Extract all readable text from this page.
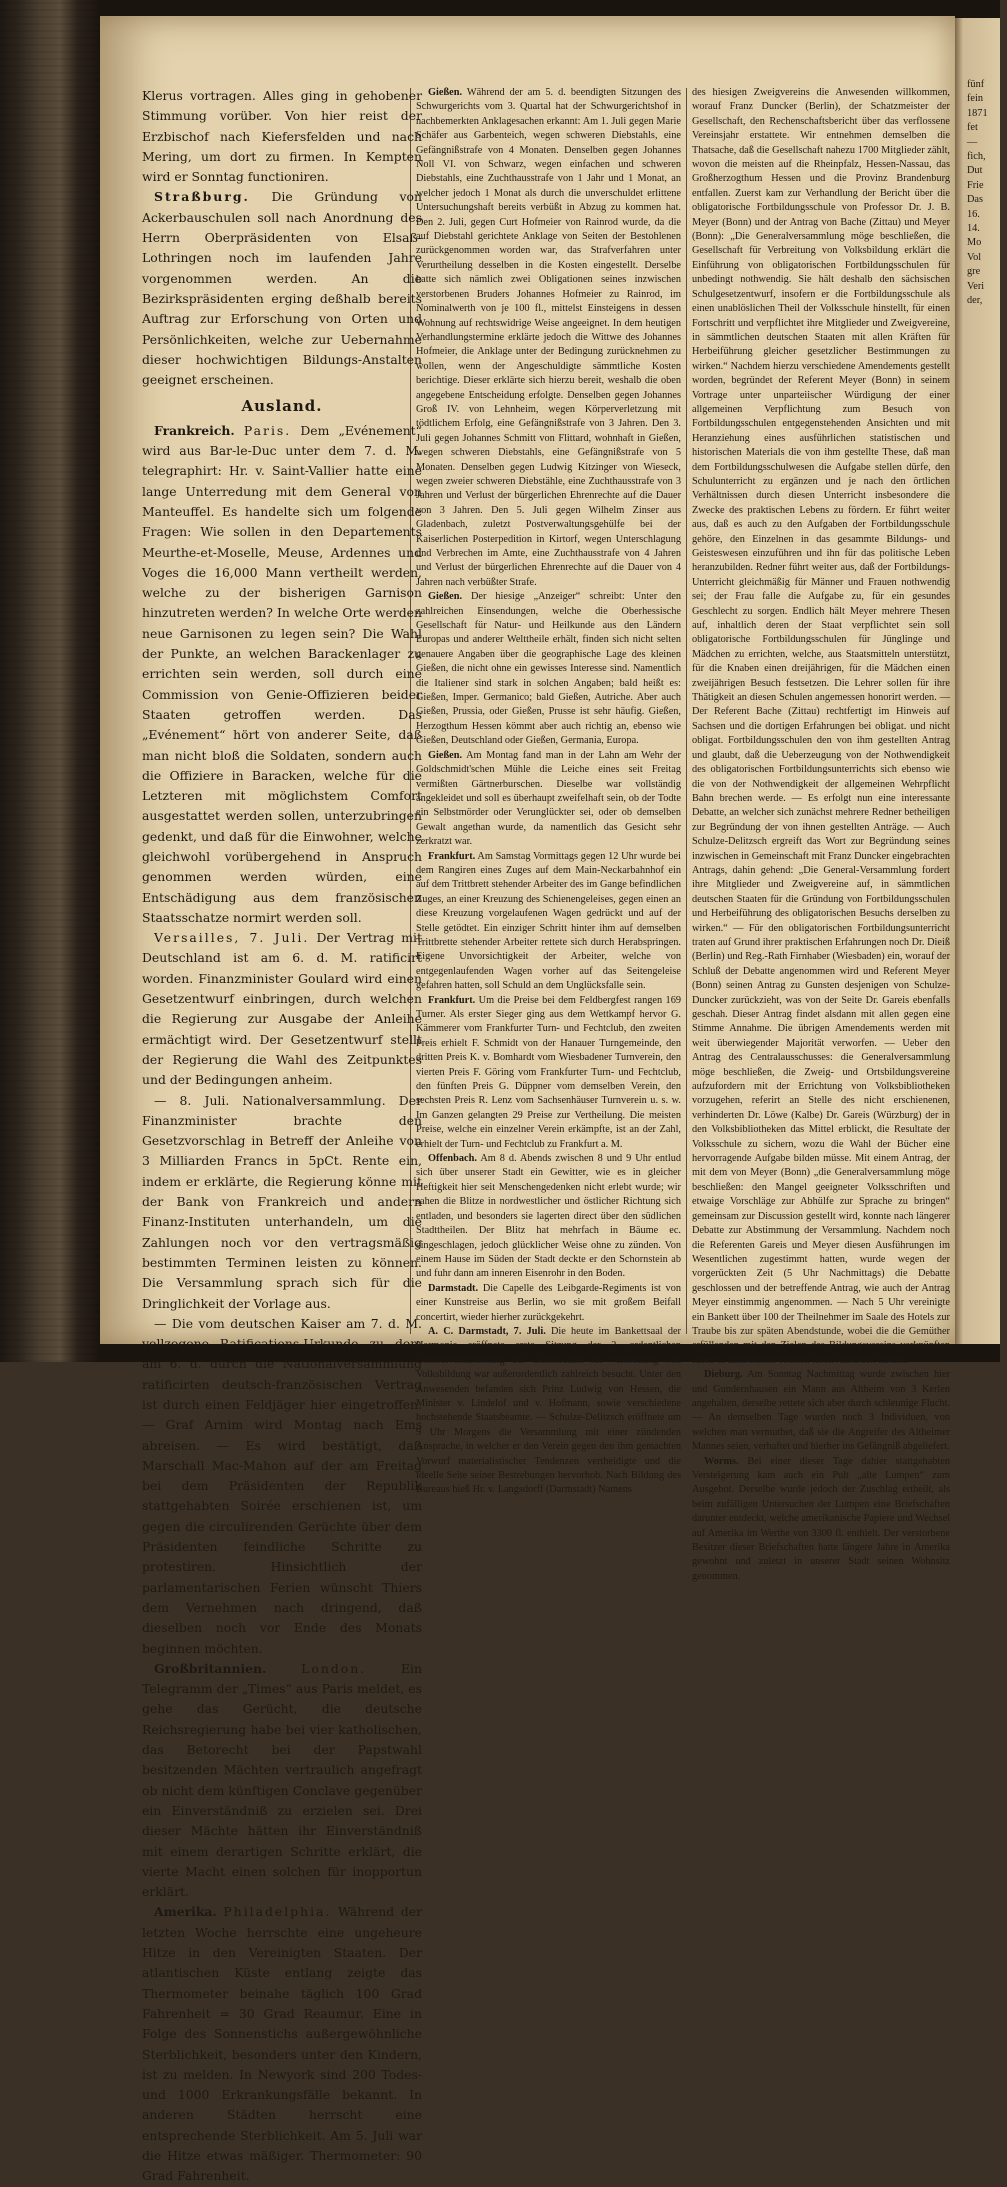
Klerus vortragen. Alles ging in gehobener Stimmung vorüber. Von hier reist der Erzbischof nach Kiefersfelden und nach Mering, um dort zu firmen. In Kempten wird er Sonntag functioniren.

Straßburg. Die Gründung von Ackerbauschulen soll nach Anordnung des Herrn Oberpräsidenten von Elsaß-Lothringen noch im laufenden Jahre vorgenommen werden. An die Bezirkspräsidenten erging deßhalb bereits Auftrag zur Erforschung von Orten und Persönlichkeiten, welche zur Uebernahme dieser hochwichtigen Bildungs-Anstalten geeignet erscheinen.

Ausland.

Frankreich. Paris. Dem „Evénement“ wird aus Bar-le-Duc unter dem 7. d. M. telegraphirt: Hr. v. Saint-Vallier hatte eine lange Unterredung mit dem General von Manteuffel. Es handelte sich um folgende Fragen: Wie sollen in den Departements Meurthe-et-Moselle, Meuse, Ardennes und Voges die 16,000 Mann vertheilt werden, welche zu der bisherigen Garnison hinzutreten werden? In welche Orte werden neue Garnisonen zu legen sein? Die Wahl der Punkte, an welchen Barackenlager zu errichten sein werden, soll durch eine Commission von Genie-Offizieren beider Staaten getroffen werden. Das „Evénement“ hört von anderer Seite, daß man nicht bloß die Soldaten, sondern auch die Offiziere in Baracken, welche für die Letzteren mit möglichstem Comfort ausgestattet werden sollen, unterzubringen gedenkt, und daß für die Einwohner, welche gleichwohl vorübergehend in Anspruch genommen werden würden, eine Entschädigung aus dem französischen Staatsschatze normirt werden soll.

Versailles, 7. Juli. Der Vertrag mit Deutschland ist am 6. d. M. ratificirt worden. Finanzminister Goulard wird einen Gesetzentwurf einbringen, durch welchen die Regierung zur Ausgabe der Anleihe ermächtigt wird. Der Gesetzentwurf stellt der Regierung die Wahl des Zeitpunktes und der Bedingungen anheim.

— 8. Juli. Nationalversammlung. Der Finanzminister brachte den Gesetzvorschlag in Betreff der Anleihe von 3 Milliarden Francs in 5pCt. Rente ein, indem er erklärte, die Regierung könne mit der Bank von Frankreich und andern Finanz-Instituten unterhandeln, um die Zahlungen noch vor den vertragsmäßig bestimmten Terminen leisten zu können. Die Versammlung sprach sich für die Dringlichkeit der Vorlage aus.

— Die vom deutschen Kaiser am 7. d. M. vollzogene Ratifications-Urkunde zu dem am 6. d. durch die Nationalversammlung ratificirten deutsch-französischen Vertrag ist durch einen Feldjäger hier eingetroffen. — Graf Arnim wird Montag nach Ems abreisen. — Es wird bestätigt, daß Marschall Mac-Mahon auf der am Freitag bei dem Präsidenten der Republik stattgehabten Soirée erschienen ist, um gegen die circulirenden Gerüchte über dem Präsidenten feindliche Schritte zu protestiren. Hinsichtlich der parlamentarischen Ferien wünscht Thiers dem Vernehmen nach dringend, daß dieselben noch vor Ende des Monats beginnen möchten.

Großbritannien.	London.	Ein Telegramm der „Times“ aus Paris meldet, es gehe das Gerücht, die deutsche Reichsregierung habe bei vier katholischen, das Betorecht bei der Papstwahl besitzenden Mächten vertraulich angefragt ob nicht dem künftigen Conclave gegenüber ein Einverständniß zu erzielen sei. Drei dieser Mächte hätten ihr Einverständniß mit einem derartigen Schritte erklärt, die vierte Macht einen solchen für inopportun erklärt.

Amerika. Philadelphia. Während der letzten Woche herrschte eine ungeheure Hitze in den Vereinigten Staaten. Der atlantischen Küste entlang zeigte das Thermometer beinahe täglich 100 Grad Fahrenheit = 30 Grad Reaumur. Eine in Folge des Sonnenstichs außergewöhnliche Sterblichkeit, besonders unter den Kindern, ist zu melden. In Newyork sind 200 Todes- und 1000 Erkrankungsfälle bekannt. In anderen Städten herrscht eine entsprechende Sterblichkeit. Am 5. Juli war die Hitze etwas mäßiger. Thermometer: 90 Grad Fahrenheit.

Gießen. Während der am 5. d. beendigten Sitzungen des Schwurgerichts vom 3. Quartal hat der Schwurgerichtshof in nachbemerkten Anklagesachen erkannt: Am 1. Juli gegen Marie Schäfer aus Garbenteich, wegen schweren Diebstahls, eine Gefängnißstrafe von 4 Monaten. Denselben gegen Johannes Noll VI. von Schwarz, wegen einfachen und schweren Diebstahls, eine Zuchthausstrafe von 1 Jahr und 1 Monat, an welcher jedoch 1 Monat als durch die unverschuldet erlittene Untersuchungshaft bereits verbüßt in Abzug zu kommen hat. Den 2. Juli, gegen Curt Hofmeier von Rainrod wurde, da die auf Diebstahl gerichtete Anklage von Seiten der Bestohlenen zurückgenommen worden war, das Strafverfahren unter Verurtheilung desselben in die Kosten eingestellt. Derselbe hatte sich nämlich zwei Obligationen seines inzwischen verstorbenen Bruders Johannes Hofmeier zu Rainrod, im Nominalwerth von je 100 fl., mittelst Einsteigens in dessen Wohnung auf rechtswidrige Weise angeeignet. In dem heutigen Verhandlungstermine erklärte jedoch die Wittwe des Johannes Hofmeier, die Anklage unter der Bedingung zurücknehmen zu wollen, wenn der Angeschuldigte sämmtliche Kosten berichtige. Dieser erklärte sich hierzu bereit, weshalb die oben angegebene Entscheidung erfolgte. Denselben gegen Johannes Groß IV. von Lehnheim, wegen Körperverletzung mit tödtlichem Erfolg, eine Gefängnißstrafe von 3 Jahren. Den 3. Juli gegen Johannes Schmitt von Flittard, wohnhaft in Gießen, wegen schweren Diebstahls, eine Gefängnißstrafe von 5 Monaten. Denselben gegen Ludwig Kitzinger von Wieseck, wegen zweier schweren Diebstähle, eine Zuchthausstrafe von 3 Jahren und Verlust der bürgerlichen Ehrenrechte auf die Dauer von 3 Jahren. Den 5. Juli gegen Wilhelm Zinser aus Gladenbach, zuletzt Postverwaltungsgehülfe bei der Kaiserlichen Posterpedition in Kirtorf, wegen Unterschlagung und Verbrechen im Amte, eine Zuchthausstrafe von 4 Jahren und Verlust der bürgerlichen Ehrenrechte auf die Dauer von 4 Jahren nach verbüßter Strafe.

Gießen. Der hiesige „Anzeiger“ schreibt: Unter den zahlreichen Einsendungen, welche die Oberhessische Gesellschaft für Natur- und Heilkunde aus den Ländern Europas und anderer Welttheile erhält, finden sich nicht selten genauere Angaben über die geographische Lage des kleinen Gießen, die nicht ohne ein gewisses Interesse sind. Namentlich die Italiener sind stark in solchen Angaben; bald heißt es: Gießen, Imper. Germanico; bald Gießen, Autriche. Aber auch Gießen, Prussia, oder Gießen, Prusse ist sehr häufig. Gießen, Herzogthum Hessen kömmt aber auch richtig an, ebenso wie Gießen, Deutschland oder Gießen, Germania, Europa.

Gießen. Am Montag fand man in der Lahn am Wehr der Goldschmidt'schen Mühle die Leiche eines seit Freitag vermißten Gärtnerburschen. Dieselbe war vollständig angekleidet und soll es überhaupt zweifelhaft sein, ob der Todte ein Selbstmörder oder Verunglückter sei, oder ob demselben Gewalt angethan wurde, da namentlich das Gesicht sehr zerkratzt war.

Frankfurt. Am Samstag Vormittags gegen 12 Uhr wurde bei dem Rangiren eines Zuges auf dem Main-Neckarbahnhof ein auf dem Trittbrett stehender Arbeiter des im Gange befindlichen Zuges, an einer Kreuzung des Schienengeleises, gegen einen an diese Kreuzung vorgelaufenen Wagen gedrückt und auf der Stelle getödtet. Ein einziger Schritt hinter ihm auf demselben Trittbrette stehender Arbeiter rettete sich durch Herabspringen. Eigene Unvorsichtigkeit der Arbeiter, welche von entgegenlaufenden Wagen vorher auf das Seitengeleise gefahren hatten, soll Schuld an dem Unglücksfalle sein.

Frankfurt. Um die Preise bei dem Feldbergfest rangen 169 Turner. Als erster Sieger ging aus dem Wettkampf hervor G. Kämmerer vom Frankfurter Turn- und Fechtclub, den zweiten Preis erhielt F. Schmidt von der Hanauer Turngemeinde, den dritten Preis K. v. Bomhardt vom Wiesbadener Turnverein, den vierten Preis F. Göring vom Frankfurter Turn- und Fechtclub, den fünften Preis G. Düppner vom demselben Verein, den sechsten Preis R. Lenz vom Sachsenhäuser Turnverein u. s. w. Im Ganzen gelangten 29 Preise zur Vertheilung. Die meisten Preise, welche ein einzelner Verein erkämpfte, ist an der Zahl, erhielt der Turn- und Fechtclub zu Frankfurt a. M.

Offenbach. Am 8 d. Abends zwischen 8 und 9 Uhr entlud sich über unserer Stadt ein Gewitter, wie es in gleicher Heftigkeit hier seit Menschengedenken nicht erlebt wurde; wir sahen die Blitze in nordwestlicher und östlicher Richtung sich entladen, und besonders sie lagerten direct über den südlichen Stadttheilen. Der Blitz hat mehrfach in Bäume ec. eingeschlagen, jedoch glücklicher Weise ohne zu zünden. Von einem Hause im Süden der Stadt deckte er den Schornstein ab und fuhr dann am inneren Eisenrohr in den Boden.

Darmstadt. Die Capelle des Leibgarde-Regiments ist von einer Kunstreise aus Berlin, wo sie mit großem Beifall concertirt, wieder hierher zurückgekehrt.

A. C. Darmstadt, 7. Juli. Die heute im Bankettsaal der Harmonie eröffnete erste Sitzung der 2. ordentlichen Generalversammlung der Gesellschaft für Verbreitung von Volksbildung war außerordentlich zahlreich besucht. Unter den Anwesenden befanden sich Prinz Ludwig von Hessen, die Minister v. Lindelof und v. Hofmann, sowie verschiedene hochstehende Staatsbeamte. — Schulze-Delitzsch eröffnete um 9 Uhr Morgens die Versammlung mit einer zündenden Ansprache, in welcher er den Verein gegen den ihm gemachten Vorwurf materialistischer Tendenzen vertheidigte und die ideelle Seite seiner Bestrebungen hervorhob. Nach Bildung des Bureaus hieß Hr. v. Langsdorff (Darmstadt) Namens

des hiesigen Zweigvereins die Anwesenden willkommen, worauf Franz Duncker (Berlin), der Schatzmeister der Gesellschaft, den Rechenschaftsbericht über das verflossene Vereinsjahr erstattete. Wir entnehmen demselben die Thatsache, daß die Gesellschaft nahezu 1700 Mitglieder zählt, wovon die meisten auf die Rheinpfalz, Hessen-Nassau, das Großherzogthum Hessen und die Provinz Brandenburg entfallen. Zuerst kam zur Verhandlung der Bericht über die obligatorische Fortbildungsschule von Professor Dr. J. B. Meyer (Bonn) und der Antrag von Bache (Zittau) und Meyer (Bonn): „Die Generalversammlung möge beschließen, die Gesellschaft für Verbreitung von Volksbildung erklärt die Einführung von obligatorischen Fortbildungsschulen für unbedingt nothwendig. Sie hält deshalb den sächsischen Schulgesetzentwurf, insofern er die Fortbildungsschule als einen unablöslichen Theil der Volksschule hinstellt, für einen Fortschritt und verpflichtet ihre Mitglieder und Zweigvereine, in sämmtlichen deutschen Staaten mit allen Kräften für Herbeiführung gleicher gesetzlicher Bestimmungen zu wirken.“ Nachdem hierzu verschiedene Amendements gestellt worden, begründet der Referent Meyer (Bonn) in seinem Vortrage unter unparteiischer Würdigung der einer allgemeinen Verpflichtung zum Besuch von Fortbildungsschulen entgegenstehenden Ansichten und mit Heranziehung eines ausführlichen statistischen und historischen Materials die von ihm gestellte These, daß man dem Fortbildungsschulwesen die Aufgabe stellen dürfe, den Schulunterricht zu ergänzen und je nach den örtlichen Verhältnissen durch diesen Unterricht insbesondere die Zwecke des praktischen Lebens zu fördern. Er führt weiter aus, daß es auch zu den Aufgaben der Fortbildungsschule gehöre, den Einzelnen in das gesammte Bildungs- und Geisteswesen einzuführen und ihn für das politische Leben heranzubilden. Redner führt weiter aus, daß der Fortbildungs-Unterricht gleichmäßig für Männer und Frauen nothwendig sei; der Frau falle die Aufgabe zu, für ein gesundes Geschlecht zu sorgen. Endlich hält Meyer mehrere Thesen auf, inhaltlich deren der Staat verpflichtet sein soll obligatorische Fortbildungsschulen für Jünglinge und Mädchen zu errichten, welche, aus Staatsmitteln unterstützt, für die Knaben einen dreijährigen, für die Mädchen einen zweijährigen Besuch festsetzen. Die Lehrer sollen für ihre Thätigkeit an diesen Schulen angemessen honorirt werden. — Der Referent Bache (Zittau) rechtfertigt im Hinweis auf Sachsen und die dortigen Erfahrungen bei obligat. und nicht obligat. Fortbildungsschulen den von ihm gestellten Antrag und glaubt, daß die Ueberzeugung von der Nothwendigkeit des obligatorischen Fortbildungsunterrichts sich ebenso wie die von der Nothwendigkeit der allgemeinen Wehrpflicht Bahn brechen werde. — Es erfolgt nun eine interessante Debatte, an welcher sich zunächst mehrere Redner betheiligen zur Begründung der von ihnen gestellten Anträge. — Auch Schulze-Delitzsch ergreift das Wort zur Begründung seines inzwischen in Gemeinschaft mit Franz Duncker eingebrachten Antrags, dahin gehend: „Die General-Versammlung fordert ihre Mitglieder und Zweigvereine auf, in sämmtlichen deutschen Staaten für die Gründung von Fortbildungsschulen und Herbeiführung des obligatorischen Besuchs derselben zu wirken.“ — Für den obligatorischen Fortbildungsunterricht traten auf Grund ihrer praktischen Erfahrungen noch Dr. Dieiß (Berlin) und Reg.-Rath Firnhaber (Wiesbaden) ein, worauf der Schluß der Debatte angenommen wird und Referent Meyer (Bonn) seinen Antrag zu Gunsten desjenigen von Schulze-Duncker zurückzieht, was von der Seite Dr. Gareis ebenfalls geschah. Dieser Antrag findet alsdann mit allen gegen eine Stimme Annahme. Die übrigen Amendements werden mit weit überwiegender Majorität verworfen. — Ueber den Antrag des Centralausschusses: die Generalversammlung möge beschließen, die Zweig- und Ortsbildungsvereine aufzufordern mit der Errichtung von Volksbibliotheken vorzugehen, referirt an Stelle des nicht erschienenen, verhinderten Dr. Löwe (Kalbe) Dr. Gareis (Würzburg) der in den Volksbibliotheken das Mittel erblickt, die Resultate der Volksschule zu sichern, wozu die Wahl der Bücher eine hervorragende Aufgabe bilden müsse. Mit einem Antrag, der mit dem von Meyer (Bonn) „die Generalversammlung möge beschließen: den Mangel geeigneter Volksschriften und etwaige Vorschläge zur Abhülfe zur Sprache zu bringen“ gemeinsam zur Discussion gestellt wird, konnte nach längerer Debatte zur Abstimmung der Versammlung. Nachdem noch die Referenten Gareis und Meyer diesen Ausführungen im Wesentlichen zugestimmt hatten, wurde wegen der vorgerückten Zeit (5 Uhr Nachmittags) die Debatte geschlossen und der betreffende Antrag, wie auch der Antrag Meyer einstimmig angenommen. — Nach 5 Uhr vereinigte ein Bankett über 100 der Theilnehmer im Saale des Hotels zur Traube bis zur späten Abendstunde, wobei die die Gemüther erfüllenden mit den Zielen des Bildungsvereins verknüpften Ideen in zahlreichen Toasten ihren Ausdruck fanden.

Dieburg. Am Sonntag Nachmittag wurde zwischen hier und Gundernhausen ein Mann aus Altheim von 3 Kerlen angehalten, derselbe rettete sich aber durch schleunige Flucht. — An demselben Tage wurden noch 3 Individuen, von welchen man vermuthet, daß sie die Angreifer des Altheimer Mannes seien, verhaftet und hierher ins Gefängniß abgeliefert.

Worms. Bei einer dieser Tage dahier stattgehabten Versteigerung kam auch ein Pult „alte Lumpen“ zum Ausgebot. Derselbe wurde jedoch der Zuschlag ertheilt, als beim zufälligen Untersuchen der Lumpen eine Briefschaften darunter entdeckt, welche amerikanische Papiere und Wechsel auf Amerika im Werthe von 3300 fl. enthielt. Der verstorbene Besitzer dieser Briefschaften hatte längere Jahre in Amerika gewohnt und zuletzt in unserer Stadt seinen Wohnsitz genommen.

fünf
fein
1871
fet
—
fich,
Dut
Frie
Das
16.
14.
Mo
Vol
gre
Veri
der,
